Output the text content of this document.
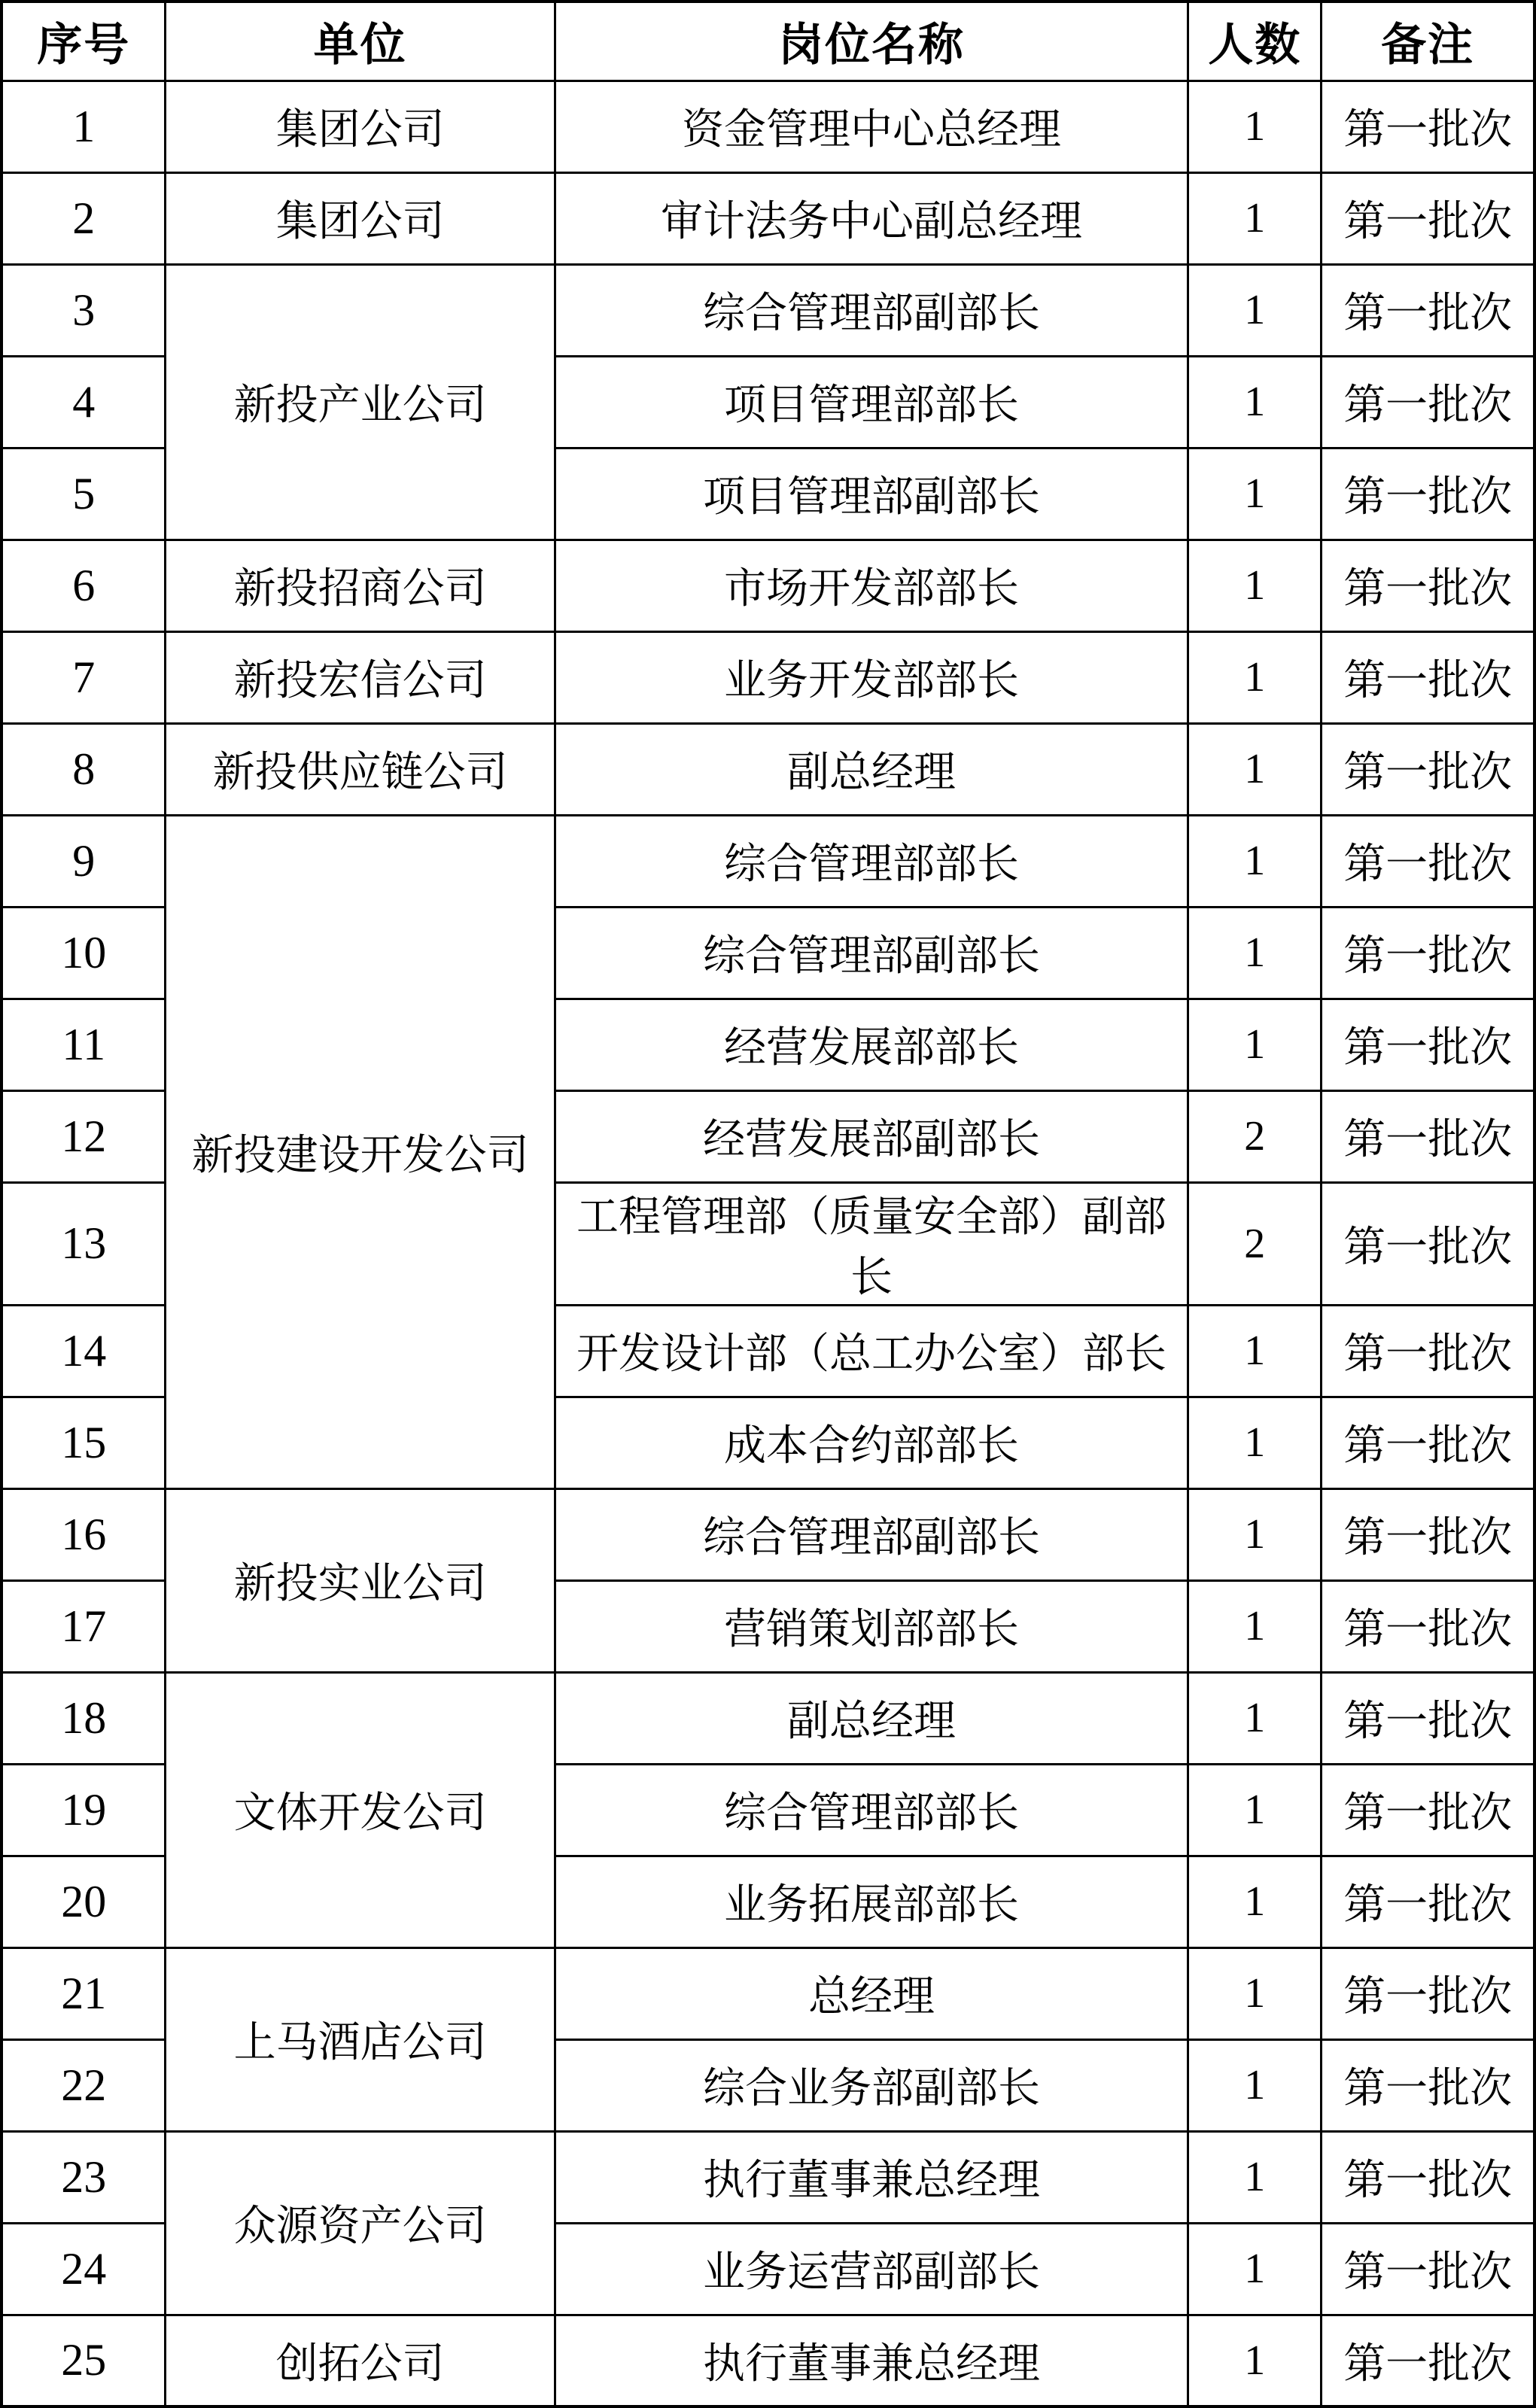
序号	单位	岗位名称	人数	备注
1	集团公司	资金管理中心总经理	1	第一批次
2	集团公司	审计法务中心副总经理	1	第一批次
3	新投产业公司	综合管理部副部长	1	第一批次
4		项目管理部部长	1	第一批次
5		项目管理部副部长	1	第一批次
6	新投招商公司	市场开发部部长	1	第一批次
7	新投宏信公司	业务开发部部长	1	第一批次
8	新投供应链公司	副总经理	1	第一批次
9	新投建设开发公司	综合管理部部长	1	第一批次
10		综合管理部副部长	1	第一批次
11		经营发展部部长	1	第一批次
12		经营发展部副部长	2	第一批次
13		工程管理部（质量安全部）副部长	2	第一批次
14		开发设计部（总工办公室）部长	1	第一批次
15		成本合约部部长	1	第一批次
16	新投实业公司	综合管理部副部长	1	第一批次
17		营销策划部部长	1	第一批次
18	文体开发公司	副总经理	1	第一批次
19		综合管理部部长	1	第一批次
20		业务拓展部部长	1	第一批次
21	上马酒店公司	总经理	1	第一批次
22		综合业务部副部长	1	第一批次
23	众源资产公司	执行董事兼总经理	1	第一批次
24		业务运营部副部长	1	第一批次
25	创拓公司	执行董事兼总经理	1	第一批次
